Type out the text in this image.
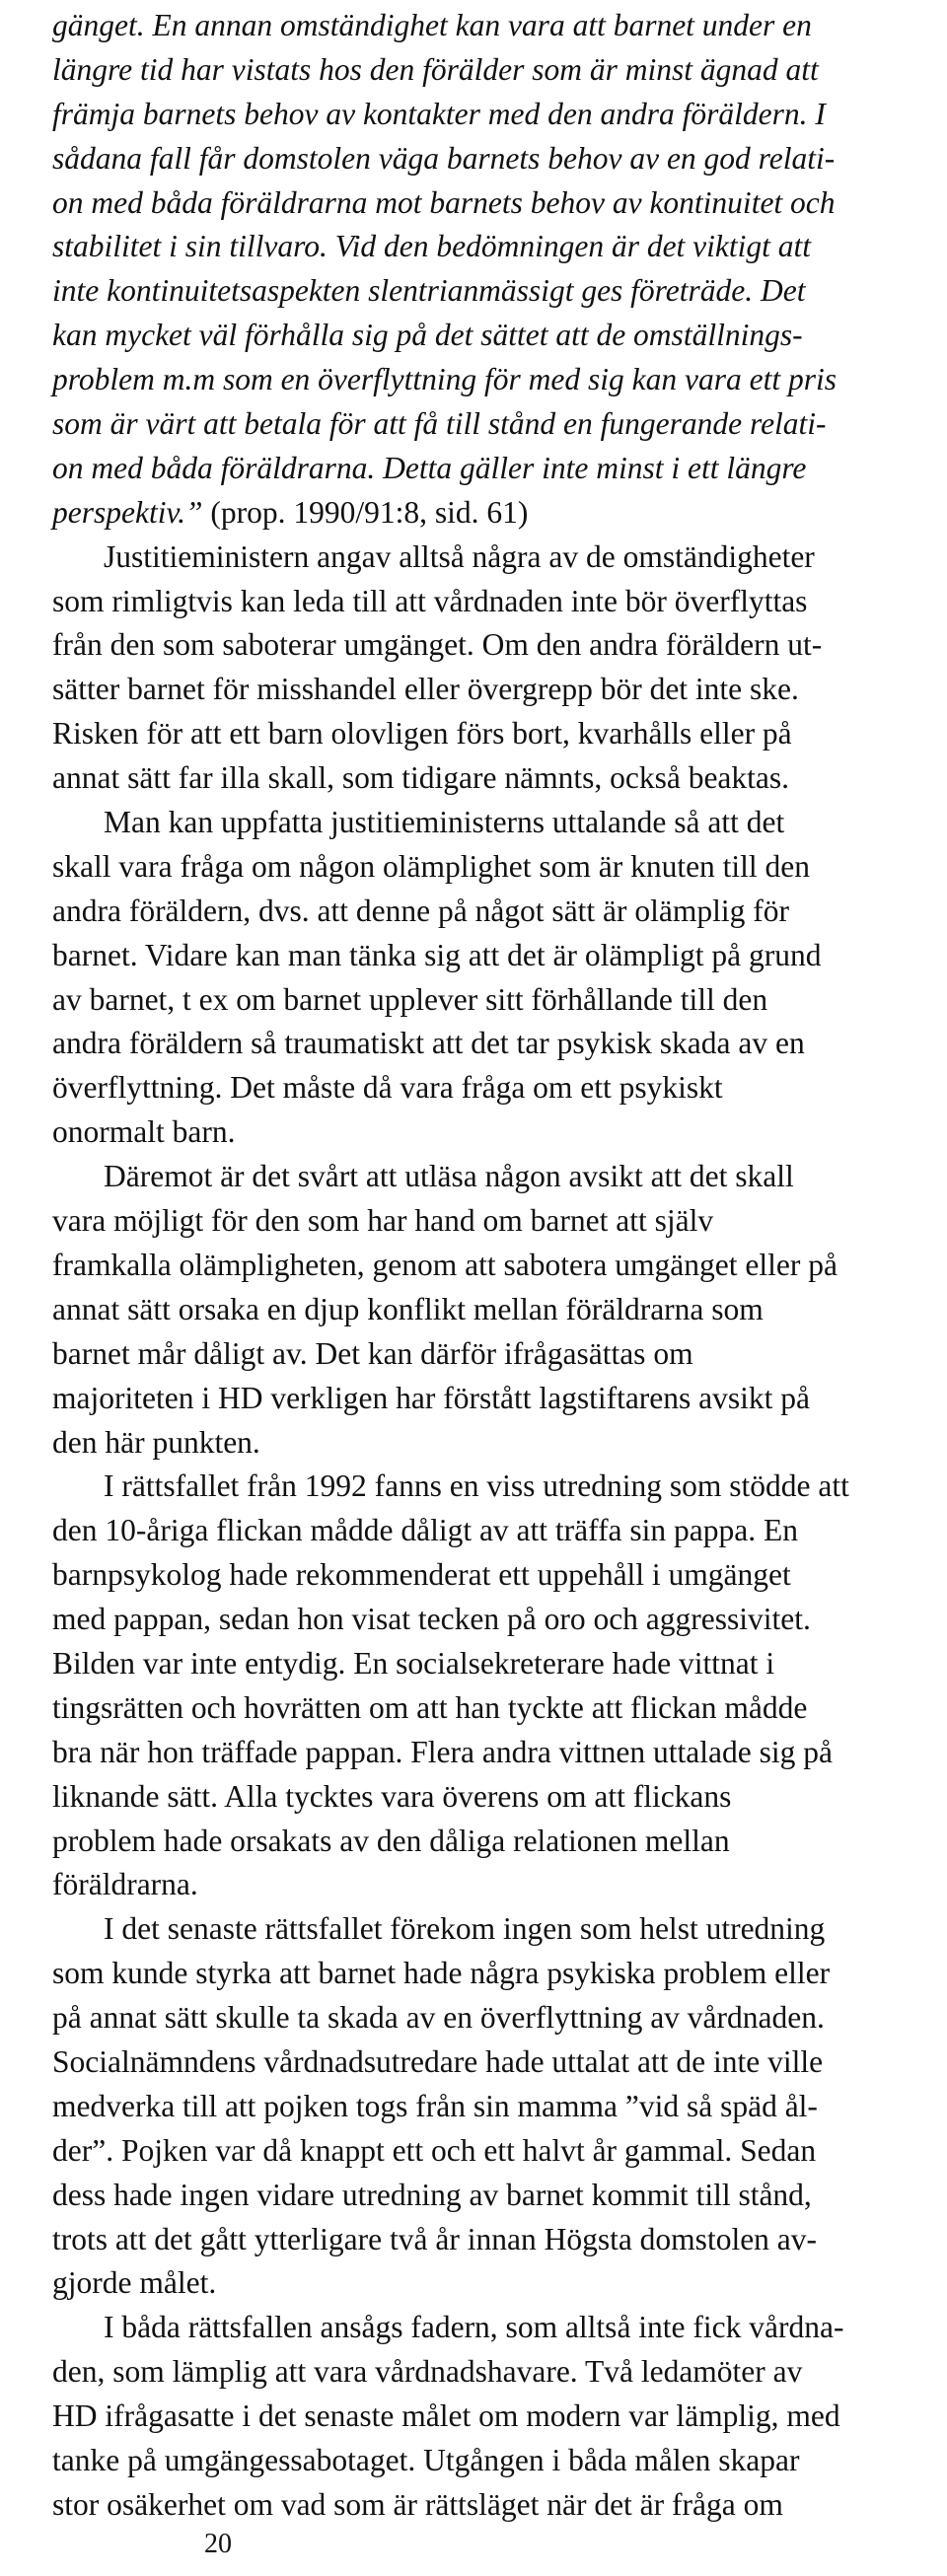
gänget. En annan omständighet kan vara att barnet under en
längre tid har vistats hos den förälder som är minst ägnad att
främja barnets behov av kontakter med den andra föräldern. I
sådana fall får domstolen väga barnets behov av en god relati-
on med båda föräldrarna mot barnets behov av kontinuitet och
stabilitet i sin tillvaro. Vid den bedömningen är det viktigt att
inte kontinuitetsaspekten slentrianmässigt ges företräde. Det
kan mycket väl förhålla sig på det sättet att de omställnings-
problem m.m som en överflyttning för med sig kan vara ett pris
som är värt att betala för att få till stånd en fungerande relati-
on med båda föräldrarna. Detta gäller inte minst i ett längre
perspektiv.” (prop. 1990/91:8, sid. 61)
Justitieministern angav alltså några av de omständigheter
som rimligtvis kan leda till att vårdnaden inte bör överflyttas
från den som saboterar umgänget. Om den andra föräldern ut-
sätter barnet för misshandel eller övergrepp bör det inte ske.
Risken för att ett barn olovligen förs bort, kvarhålls eller på
annat sätt far illa skall, som tidigare nämnts, också beaktas.
Man kan uppfatta justitieministerns uttalande så att det
skall vara fråga om någon olämplighet som är knuten till den
andra föräldern, dvs. att denne på något sätt är olämplig för
barnet. Vidare kan man tänka sig att det är olämpligt på grund
av barnet, t ex om barnet upplever sitt förhållande till den
andra föräldern så traumatiskt att det tar psykisk skada av en
överflyttning. Det måste då vara fråga om ett psykiskt
onormalt barn.
Däremot är det svårt att utläsa någon avsikt att det skall
vara möjligt för den som har hand om barnet att själv
framkalla olämpligheten, genom att sabotera umgänget eller på
annat sätt orsaka en djup konflikt mellan föräldrarna som
barnet mår dåligt av. Det kan därför ifrågasättas om
majoriteten i HD verkligen har förstått lagstiftarens avsikt på
den här punkten.
I rättsfallet från 1992 fanns en viss utredning som stödde att
den 10-åriga flickan mådde dåligt av att träffa sin pappa. En
barnpsykolog hade rekommenderat ett uppehåll i umgänget
med pappan, sedan hon visat tecken på oro och aggressivitet.
Bilden var inte entydig. En socialsekreterare hade vittnat i
tingsrätten och hovrätten om att han tyckte att flickan mådde
bra när hon träffade pappan. Flera andra vittnen uttalade sig på
liknande sätt. Alla tycktes vara överens om att flickans
problem hade orsakats av den dåliga relationen mellan
föräldrarna.
I det senaste rättsfallet förekom ingen som helst utredning
som kunde styrka att barnet hade några psykiska problem eller
på annat sätt skulle ta skada av en överflyttning av vårdnaden.
Socialnämndens vårdnadsutredare hade uttalat att de inte ville
medverka till att pojken togs från sin mamma ”vid så späd ål-
der”. Pojken var då knappt ett och ett halvt år gammal. Sedan
dess hade ingen vidare utredning av barnet kommit till stånd,
trots att det gått ytterligare två år innan Högsta domstolen av-
gjorde målet.
I båda rättsfallen ansågs fadern, som alltså inte fick vårdna-
den, som lämplig att vara vårdnadshavare. Två ledamöter av
HD ifrågasatte i det senaste målet om modern var lämplig, med
tanke på umgängessabotaget. Utgången i båda målen skapar
stor osäkerhet om vad som är rättsläget när det är fråga om
20
